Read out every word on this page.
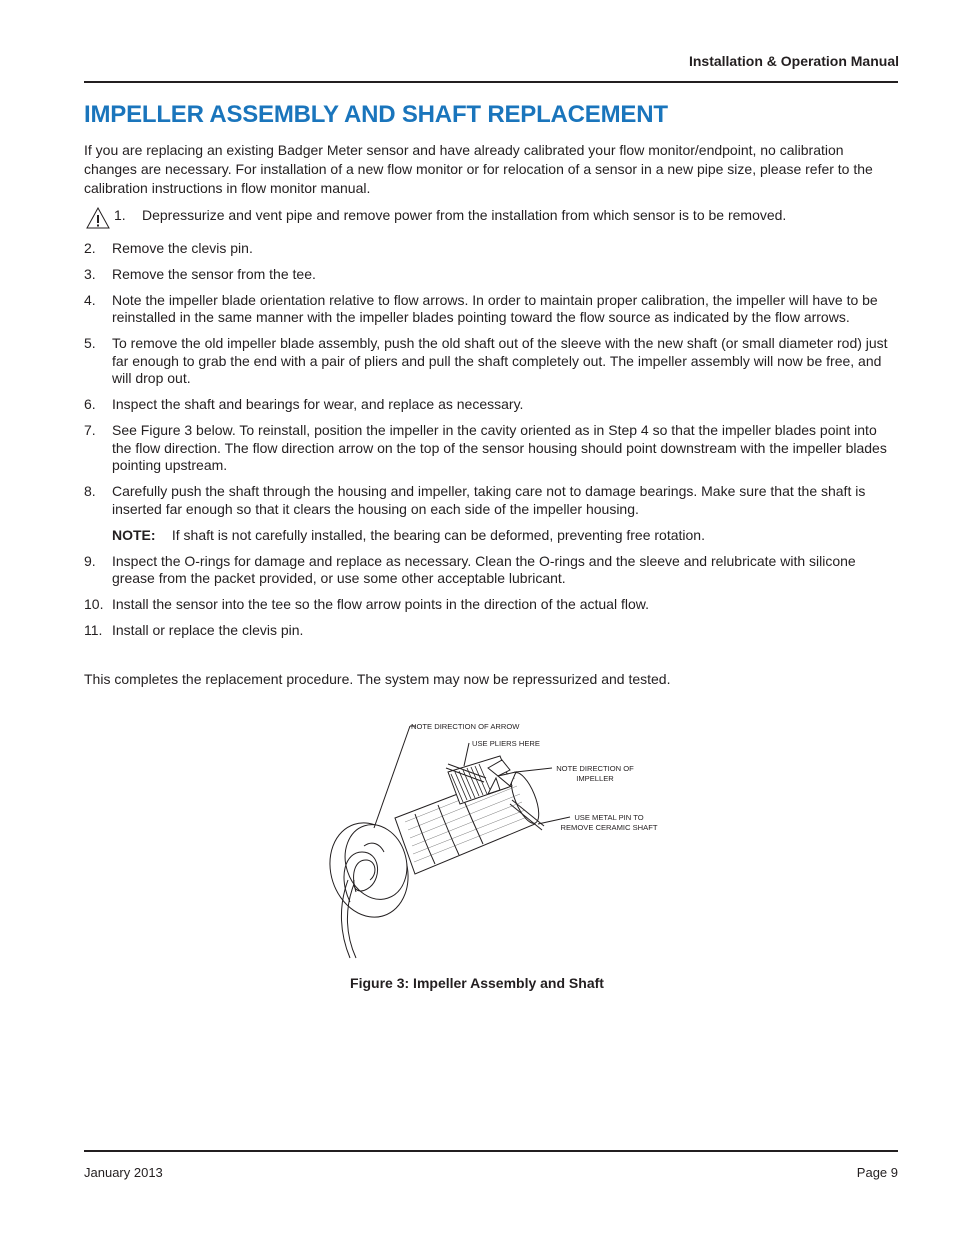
Installation & Operation Manual
IMPELLER ASSEMBLY AND SHAFT REPLACEMENT

If you are replacing an existing Badger Meter sensor and have already calibrated your flow monitor/endpoint, no calibration changes are necessary. For installation of a new flow monitor or for relocation of a sensor in a new pipe size, please refer to the calibration instructions in flow monitor manual.

1. Depressurize and vent pipe and remove power from the installation from which sensor is to be removed.
2. Remove the clevis pin.
3. Remove the sensor from the tee.
4. Note the impeller blade orientation relative to flow arrows. In order to maintain proper calibration, the impeller will have to be reinstalled in the same manner with the impeller blades pointing toward the flow source as indicated by the flow arrows.
5. To remove the old impeller blade assembly, push the old shaft out of the sleeve with the new shaft (or small diameter rod) just far enough to grab the end with a pair of pliers and pull the shaft completely out. The impeller assembly will now be free, and will drop out.
6. Inspect the shaft and bearings for wear, and replace as necessary.
7. See Figure 3 below. To reinstall, position the impeller in the cavity oriented as in Step 4 so that the impeller blades point into the flow direction. The flow direction arrow on the top of the sensor housing should point downstream with the impeller blades pointing upstream.
8. Carefully push the shaft through the housing and impeller, taking care not to damage bearings. Make sure that the shaft is inserted far enough so that it clears the housing on each side of the impeller housing.
NOTE: If shaft is not carefully installed, the bearing can be deformed, preventing free rotation.
9. Inspect the O-rings for damage and replace as necessary. Clean the O-rings and the sleeve and relubricate with silicone grease from the packet provided, or use some other acceptable lubricant.
10. Install the sensor into the tee so the flow arrow points in the direction of the actual flow.
11. Install or replace the clevis pin.

This completes the replacement procedure. The system may now be repressurized and tested.

NOTE DIRECTION OF ARROW
USE PLIERS HERE
NOTE DIRECTION OF
IMPELLER
USE METAL PIN TO
REMOVE CERAMIC SHAFT
Figure 3: Impeller Assembly and Shaft
January 2013	Page 9
